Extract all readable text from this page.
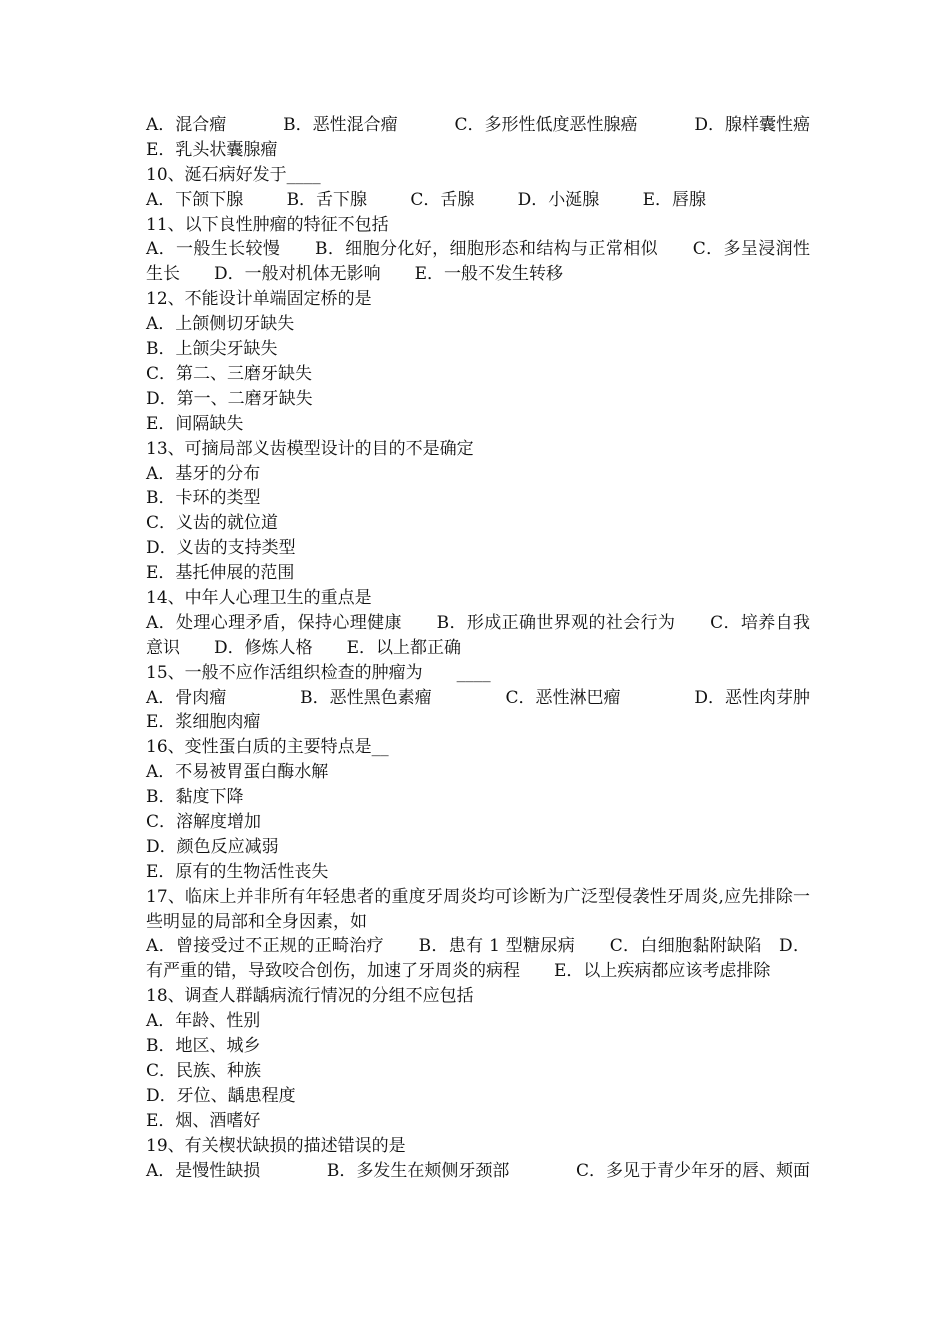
A．混合瘤	B．恶性混合瘤	C．多形性低度恶性腺癌	D．腺样囊性癌
E．乳头状囊腺瘤
10、涎石病好发于____
A．下颌下腺	B．舌下腺	C．舌腺	D．小涎腺	E．唇腺
11、以下良性肿瘤的特征不包括
A．一般生长较慢　　B．细胞分化好，细胞形态和结构与正常相似　　C．多呈浸润性生长　　D．一般对机体无影响　　E．一般不发生转移
12、不能设计单端固定桥的是
A．上颌侧切牙缺失
B．上颌尖牙缺失
C．第二、三磨牙缺失
D．第一、二磨牙缺失
E．间隔缺失
13、可摘局部义齿模型设计的目的不是确定
A．基牙的分布
B．卡环的类型
C．义齿的就位道
D．义齿的支持类型
E．基托伸展的范围
14、中年人心理卫生的重点是
A．处理心理矛盾，保持心理健康　　B．形成正确世界观的社会行为　　C．培养自我意识　　D．修炼人格　　E．以上都正确
15、一般不应作活组织检查的肿瘤为　　____
A．骨肉瘤	B．恶性黑色素瘤	C．恶性淋巴瘤	D．恶性肉芽肿
E．浆细胞肉瘤
16、变性蛋白质的主要特点是__
A．不易被胃蛋白酶水解
B．黏度下降
C．溶解度增加
D．颜色反应减弱
E．原有的生物活性丧失
17、临床上并非所有年轻患者的重度牙周炎均可诊断为广泛型侵袭性牙周炎,应先排除一些明显的局部和全身因素，如
A．曾接受过不正规的正畸治疗　　B．患有 1 型糖尿病　　C．白细胞黏附缺陷　D．有严重的错，导致咬合创伤，加速了牙周炎的病程　　E．以上疾病都应该考虑排除
18、调查人群龋病流行情况的分组不应包括
A．年龄、性别
B．地区、城乡
C．民族、种族
D．牙位、龋患程度
E．烟、酒嗜好
19、有关楔状缺损的描述错误的是
A．是慢性缺损	B．多发生在颊侧牙颈部	C．多见于青少年牙的唇、颊面
